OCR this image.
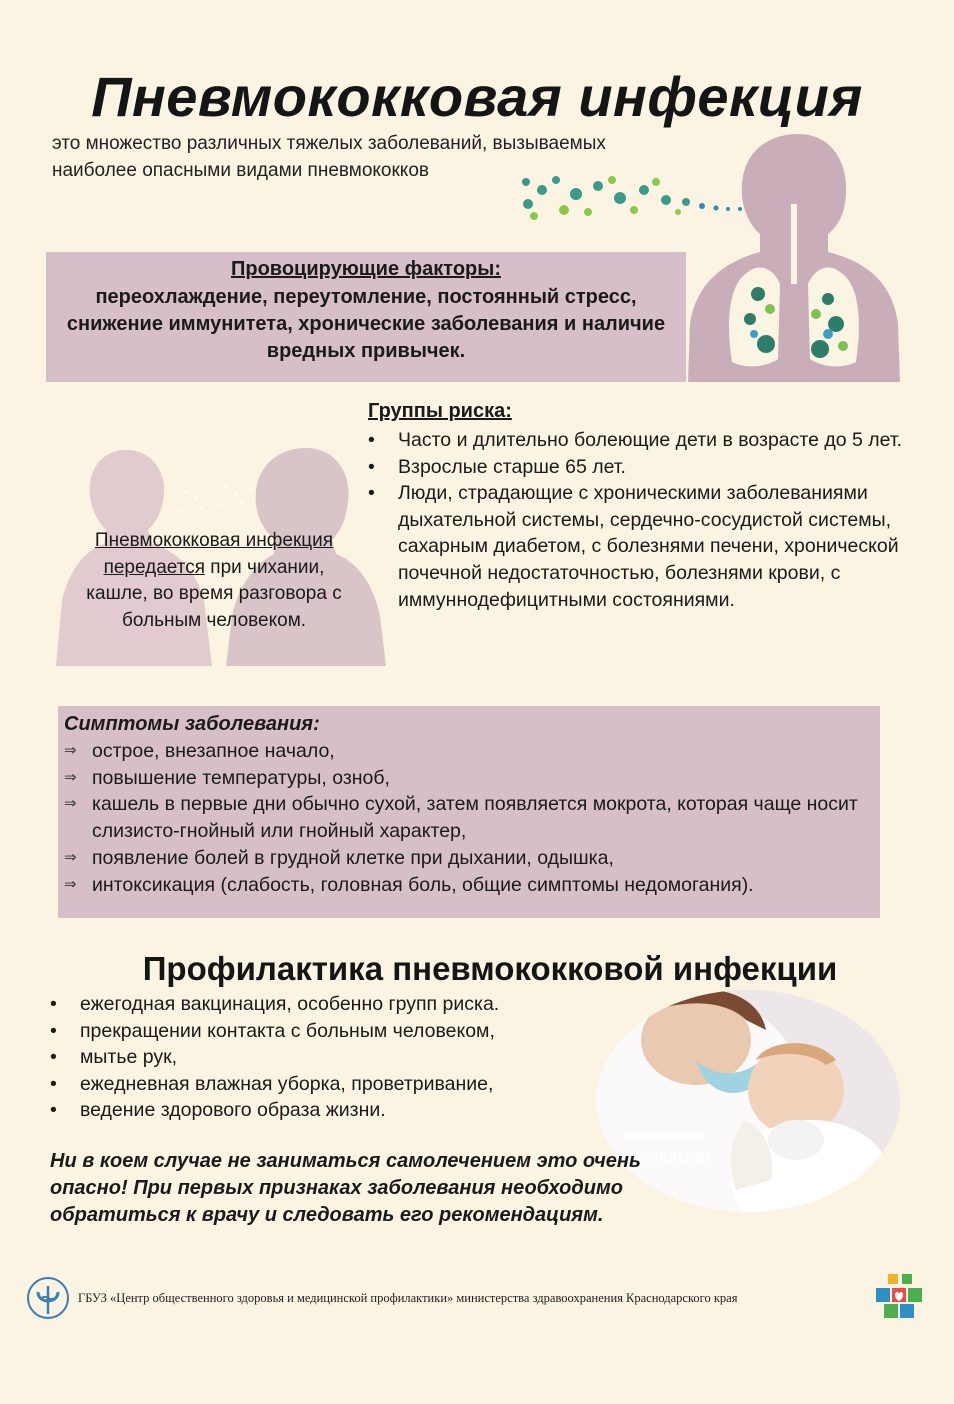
Пневмококковая инфекция
это множество различных тяжелых заболеваний, вызываемых наиболее опасными видами пневмококков
Провоцирующие факторы:
переохлаждение, переутомление, постоянный стресс, снижение иммунитета, хронические заболевания и наличие вредных привычек.
Пневмококковая инфекция передается при чихании, кашле, во время разговора с больным человеком.
Группы риска:
• Часто и длительно болеющие дети в возрасте до 5 лет.
• Взрослые старше 65 лет.
• Люди, страдающие с хроническими заболеваниями дыхательной системы, сердечно-сосудистой системы, сахарным диабетом, с болезнями печени, хронической почечной недостаточностью, болезнями крови, с иммуннодефицитными состояниями.
Симптомы заболевания:
⇒ острое, внезапное начало,
⇒ повышение температуры, озноб,
⇒ кашель в первые дни обычно сухой, затем появляется мокрота, которая чаще носит слизисто-гнойный или гнойный характер,
⇒ появление болей в грудной клетке при дыхании, одышка,
⇒ интоксикация (слабость, головная боль, общие симптомы недомогания).
Профилактика пневмококковой инфекции
• ежегодная вакцинация, особенно групп риска.
• прекращении контакта с больным человеком,
• мытье рук,
• ежедневная влажная уборка, проветривание,
• ведение здорового образа жизни.
ВАКЦИНАЦИЯ
ИНФЕКЦИИ
Ни в коем случае не заниматься самолечением это очень опасно! При первых признаках заболевания необходимо обратиться к врачу и следовать его рекомендациям.
ГБУЗ «Центр общественного здоровья и медицинской профилактики» министерства здравоохранения Краснодарского края
